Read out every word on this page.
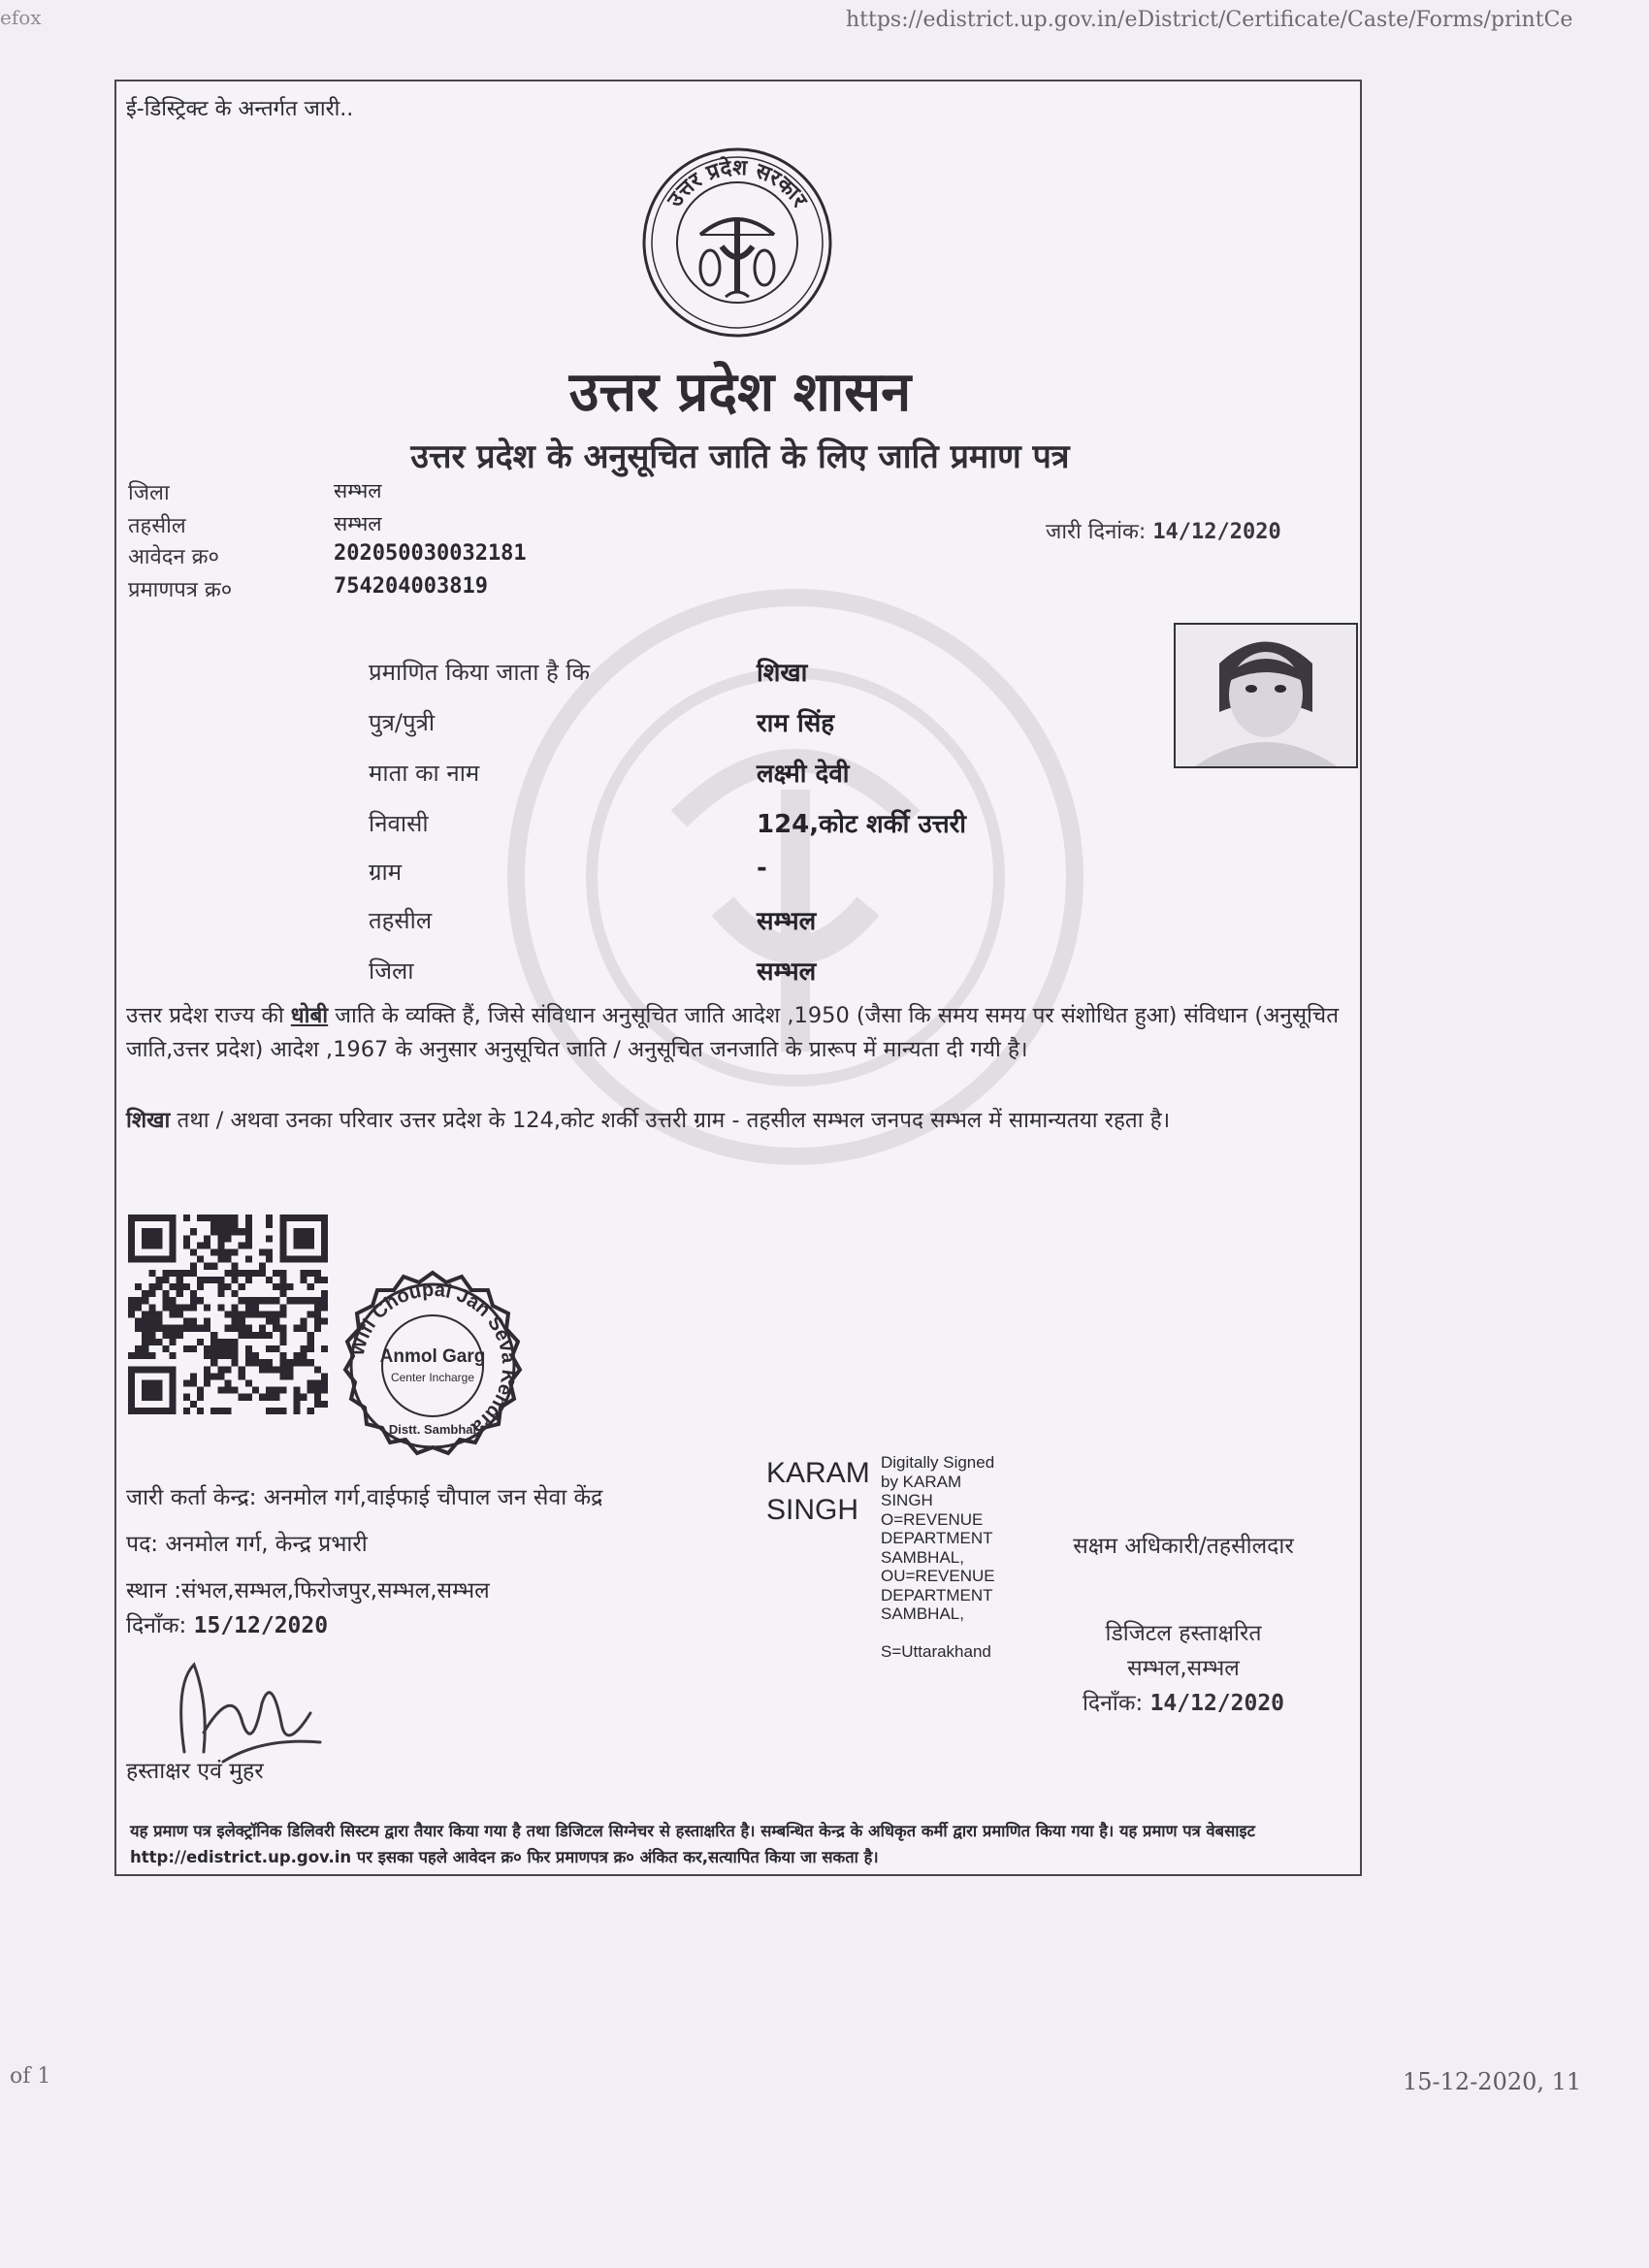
efox	https://edistrict.up.gov.in/eDistrict/Certificate/Caste/Forms/printCe
ई-डिस्ट्रिक्ट के अन्तर्गत जारी..
उत्तर प्रदेश सरकार
उत्तर प्रदेश शासन
उत्तर प्रदेश के अनुसूचित जाति के लिए जाति प्रमाण पत्र
जिला	सम्भल
तहसील	सम्भल
आवेदन क्र०	202050030032181
प्रमाणपत्र क्र०	754204003819
जारी दिनांक: 14/12/2020
प्रमाणित किया जाता है कि	शिखा
पुत्र/पुत्री	राम सिंह
माता का नाम	लक्ष्मी देवी
निवासी	124,कोट शर्की उत्तरी
ग्राम	-
तहसील	सम्भल
जिला	सम्भल
उत्तर प्रदेश राज्य की धोबी जाति के व्यक्ति हैं, जिसे संविधान अनुसूचित जाति आदेश ,1950 (जैसा कि समय समय पर संशोधित हुआ) संविधान (अनुसूचित जाति,उत्तर प्रदेश) आदेश ,1967 के अनुसार अनुसूचित जाति / अनुसूचित जनजाति के प्रारूप में मान्यता दी गयी है।
शिखा तथा / अथवा उनका परिवार उत्तर प्रदेश के 124,कोट शर्की उत्तरी ग्राम - तहसील सम्भल जनपद सम्भल में सामान्यतया रहता है।
Wifi Choupal Jan Seva Kendra
Anmol Garg
Center Incharge
Distt. Sambhal
जारी कर्ता केन्द्र: अनमोल गर्ग,वाईफाई चौपाल जन सेवा केंद्र
पद: अनमोल गर्ग, केन्द्र प्रभारी
स्थान :संभल,सम्भल,फिरोजपुर,सम्भल,सम्भल
दिनाँक: 15/12/2020
हस्ताक्षर एवं मुहर
KARAM
SINGH
Digitally Signed
by KARAM
SINGH
O=REVENUE
DEPARTMENT
SAMBHAL,
OU=REVENUE
DEPARTMENT
SAMBHAL,
S=Uttarakhand
सक्षम अधिकारी/तहसीलदार
डिजिटल हस्ताक्षरित
सम्भल,सम्भल
दिनाँक: 14/12/2020
यह प्रमाण पत्र इलेक्ट्रॉनिक डिलिवरी सिस्टम द्वारा तैयार किया गया है तथा डिजिटल सिग्नेचर से हस्ताक्षरित है। सम्बन्धित केन्द्र के अधिकृत कर्मी द्वारा प्रमाणित किया गया है। यह प्रमाण पत्र वेबसाइट http://edistrict.up.gov.in पर इसका पहले आवेदन क्र० फिर प्रमाणपत्र क्र० अंकित कर,सत्यापित किया जा सकता है।
of 1	15-12-2020, 11
